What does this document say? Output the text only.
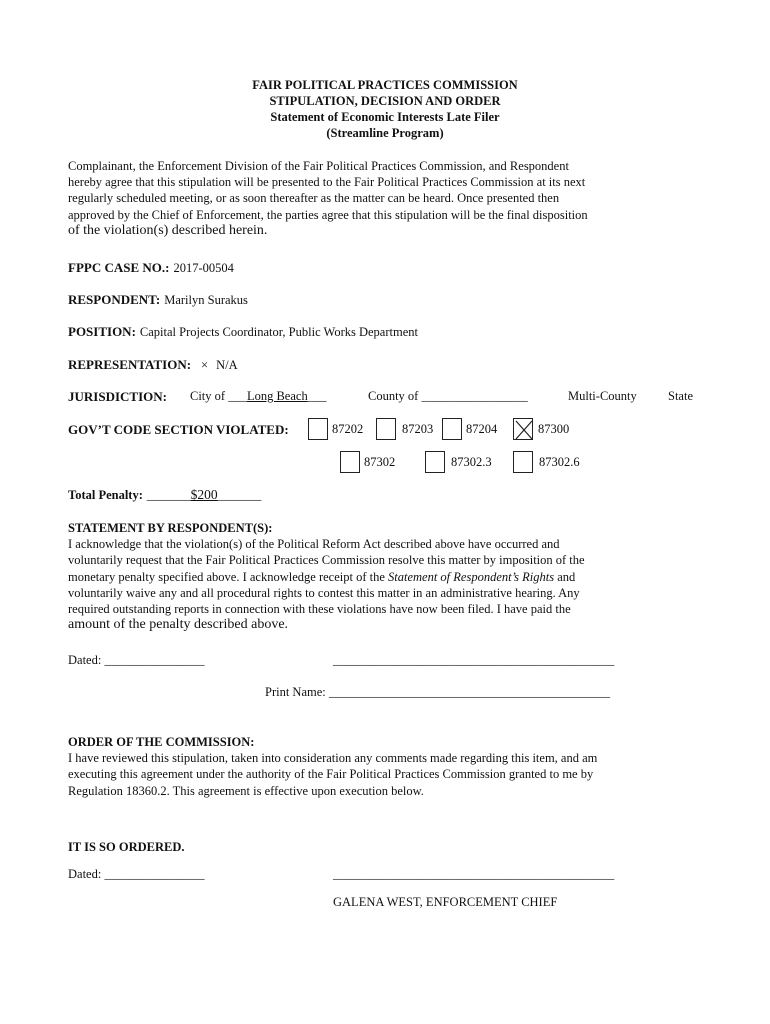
FAIR POLITICAL PRACTICES COMMISSION
STIPULATION, DECISION AND ORDER
Statement of Economic Interests Late Filer
(Streamline Program)
Complainant, the Enforcement Division of the Fair Political Practices Commission, and Respondent
hereby agree that this stipulation will be presented to the Fair Political Practices Commission at its next
regularly scheduled meeting, or as soon thereafter as the matter can be heard. Once presented then
approved by the Chief of Enforcement, the parties agree that this stipulation will be the final disposition
of the violation(s) described herein.
FPPC CASE NO.: 2017-00504
RESPONDENT: Marilyn Surakus
POSITION: Capital Projects Coordinator, Public Works Department
REPRESENTATION: × N/A
JURISDICTION: City of ___Long Beach___	County of _________________	Multi-County State
GOV’T CODE SECTION VIOLATED:	87202	87203	87204	87300
87302	87302.3	87302.6
Total Penalty: _______$200_______
STATEMENT BY RESPONDENT(S):
I acknowledge that the violation(s) of the Political Reform Act described above have occurred and
voluntarily request that the Fair Political Practices Commission resolve this matter by imposition of the
monetary penalty specified above. I acknowledge receipt of the Statement of Respondent’s Rights and
voluntarily waive any and all procedural rights to contest this matter in an administrative hearing. Any
required outstanding reports in connection with these violations have now been filed. I have paid the
amount of the penalty described above.
Dated: ________________	_____________________________________________
Print Name: _____________________________________________
ORDER OF THE COMMISSION:
I have reviewed this stipulation, taken into consideration any comments made regarding this item, and am
executing this agreement under the authority of the Fair Political Practices Commission granted to me by
Regulation 18360.2. This agreement is effective upon execution below.
IT IS SO ORDERED.
Dated: ________________	_____________________________________________
GALENA WEST, ENFORCEMENT CHIEF
